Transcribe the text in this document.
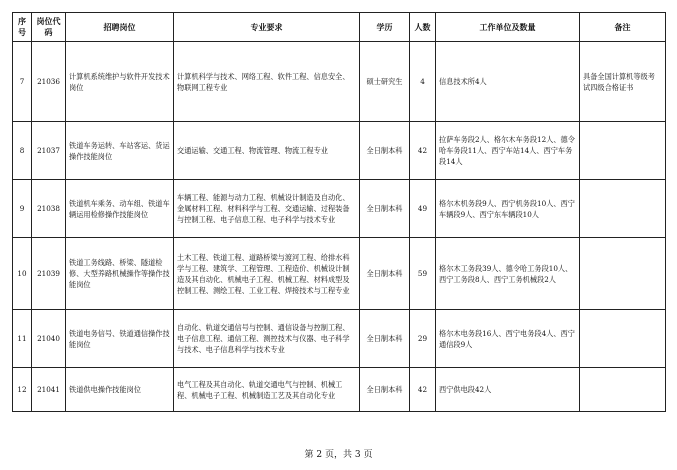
序号	岗位代码	招聘岗位	专业要求	学历	人数	工作单位及数量	备注
7	21036	计算机系统维护与软件开发技术岗位	计算机科学与技术、网络工程、软件工程、信息安全、物联网工程专业	硕士研究生	4	信息技术所4人	具备全国计算机等级考试四级合格证书
8	21037	铁道车务运转、车站客运、货运操作技能岗位	交通运输、交通工程、物流管理、物流工程专业	全日制本科	42	拉萨车务段2人、格尔木车务段12人、德令哈车务段11人、西宁车站14人、西宁车务段14人	
9	21038	铁道机车乘务、动车组、铁道车辆运用检修操作技能岗位	车辆工程、能源与动力工程、机械设计制造及自动化、金属材料工程、材料科学与工程、交通运输、过程装备与控制工程、电子信息工程、电子科学与技术专业	全日制本科	49	格尔木机务段9人、西宁机务段10人、西宁车辆段9人、西宁东车辆段10人	
10	21039	铁道工务线路、桥梁、隧道检修、大型养路机械操作等操作技能岗位	土木工程、铁道工程、道路桥梁与渡河工程、给排水科学与工程、建筑学、工程管理、工程造价、机械设计制造及其自动化、机械电子工程、机械工程、材料成型及控制工程、测绘工程、工业工程、焊接技术与工程专业	全日制本科	59	格尔木工务段39人、德令哈工务段10人、西宁工务段8人、西宁工务机械段2人	
11	21040	铁道电务信号、铁道通信操作技能岗位	自动化、轨道交通信号与控制、通信设备与控制工程、电子信息工程、通信工程、测控技术与仪器、电子科学与技术、电子信息科学与技术专业	全日制本科	29	格尔木电务段16人、西宁电务段4人、西宁通信段9人	
12	21041	铁道供电操作技能岗位	电气工程及其自动化、轨道交通电气与控制、机械工程、机械电子工程、机械制造工艺及其自动化专业	全日制本科	42	西宁供电段42人	
第 2 页，共 3 页
